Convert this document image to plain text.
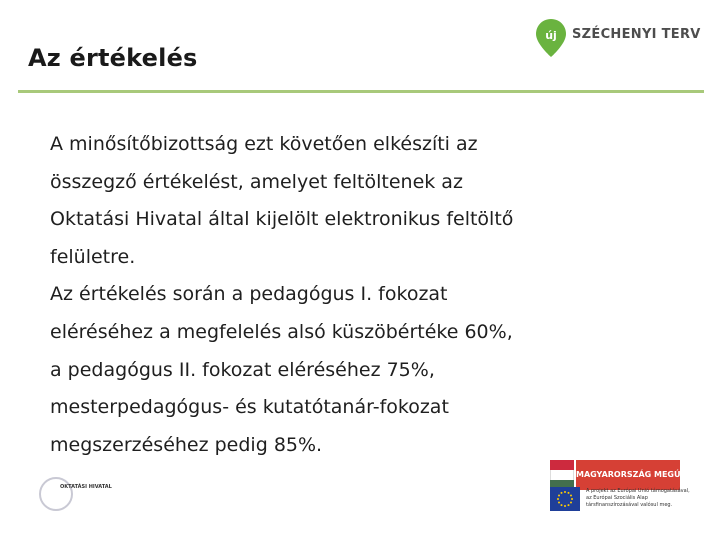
Az értékelés
új SZÉCHENYI TERV
A minősítőbizottság ezt követően elkészíti az
összegző értékelést, amelyet feltöltenek az
Oktatási Hivatal által kijelölt elektronikus feltöltő
felületre.
Az értékelés során a pedagógus I. fokozat
eléréséhez a megfelelés alsó küszöbértéke 60%,
a pedagógus II. fokozat eléréséhez 75%,
mesterpedagógus- és kutatótanár-fokozat
megszerzéséhez pedig 85%.
OKTATÁSI HIVATAL
MAGYARORSZÁG MEGÚJUL
A projekt az Európai Unió támogatásával,
az Európai Szociális Alap
társfinanszírozásával valósul meg.
